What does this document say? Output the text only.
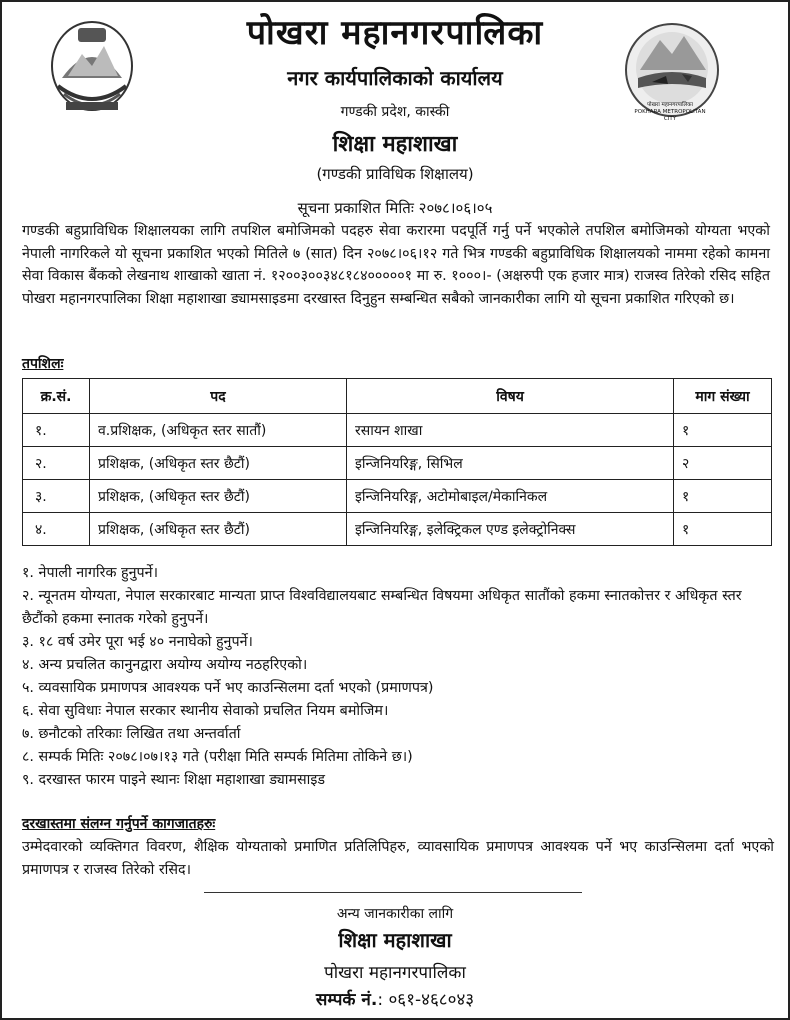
पोखरा महानगरपालिका
POKHARA METROPOLITAN CITY
पोखरा महानगरपालिका
नगर कार्यपालिकाको कार्यालय
गण्डकी प्रदेश, कास्की
शिक्षा महाशाखा
(गण्डकी प्राविधिक शिक्षालय)
सूचना प्रकाशित मितिः २०७८।०६।०५
गण्डकी बहुप्राविधिक शिक्षालयका लागि तपशिल बमोजिमको पदहरु सेवा करारमा पदपूर्ति गर्नु पर्ने भएकोले तपशिल बमोजिमको योग्यता भएको नेपाली नागरिकले यो सूचना प्रकाशित भएको मितिले ७ (सात) दिन २०७८।०६।१२ गते भित्र गण्डकी बहुप्राविधिक शिक्षालयको नाममा रहेको कामना सेवा विकास बैंकको लेखनाथ शाखाको खाता नं. १२००३००३४८१८४०००००१ मा रु. १०००।- (अक्षरुपी एक हजार मात्र) राजस्व तिरेको रसिद सहित पोखरा महानगरपालिका शिक्षा महाशाखा ड्यामसाइडमा दरखास्त दिनुहुन सम्बन्धित सबैको जानकारीका लागि यो सूचना प्रकाशित गरिएको छ।
तपशिलः
क्र.सं.	पद	विषय	माग संख्या
१.	व.प्रशिक्षक, (अधिकृत स्तर सातौं)	रसायन शाखा	१
२.	प्रशिक्षक, (अधिकृत स्तर छैटौं)	इन्जिनियरिङ्ग, सिभिल	२
३.	प्रशिक्षक, (अधिकृत स्तर छैटौं)	इन्जिनियरिङ्ग, अटोमोबाइल/मेकानिकल	१
४.	प्रशिक्षक, (अधिकृत स्तर छैटौं)	इन्जिनियरिङ्ग, इलेक्ट्रिकल एण्ड इलेक्ट्रोनिक्स	१

१. नेपाली नागरिक हुनुपर्ने।

२. न्यूनतम योग्यता, नेपाल सरकारबाट मान्यता प्राप्त विश्वविद्यालयबाट सम्बन्धित विषयमा अधिकृत सातौंको हकमा स्नातकोत्तर र अधिकृत स्तर छैटौंको हकमा स्नातक गरेको हुनुपर्ने।

३. १८ वर्ष उमेर पूरा भई ४० ननाघेको हुनुपर्ने।

४. अन्य प्रचलित कानुनद्वारा अयोग्य अयोग्य नठहरिएको।

५. व्यवसायिक प्रमाणपत्र आवश्यक पर्ने भए काउन्सिलमा दर्ता भएको (प्रमाणपत्र)

६. सेवा सुविधाः नेपाल सरकार स्थानीय सेवाको प्रचलित नियम बमोजिम।

७. छनौटको तरिकाः लिखित तथा अन्तर्वार्ता

८. सम्पर्क मितिः २०७८।०७।१३ गते (परीक्षा मिति सम्पर्क मितिमा तोकिने छ।)

९. दरखास्त फारम पाइने स्थानः शिक्षा महाशाखा ड्यामसाइड

दरखास्तमा संलग्न गर्नुपर्ने कागजातहरुः
उम्मेदवारको व्यक्तिगत विवरण, शैक्षिक योग्यताको प्रमाणित प्रतिलिपिहरु, व्यावसायिक प्रमाणपत्र आवश्यक पर्ने भए काउन्सिलमा दर्ता भएको प्रमाणपत्र र राजस्व तिरेको रसिद।
अन्य जानकारीका लागि
शिक्षा महाशाखा
पोखरा महानगरपालिका
सम्पर्क नं.: ०६१-४६८०४३
